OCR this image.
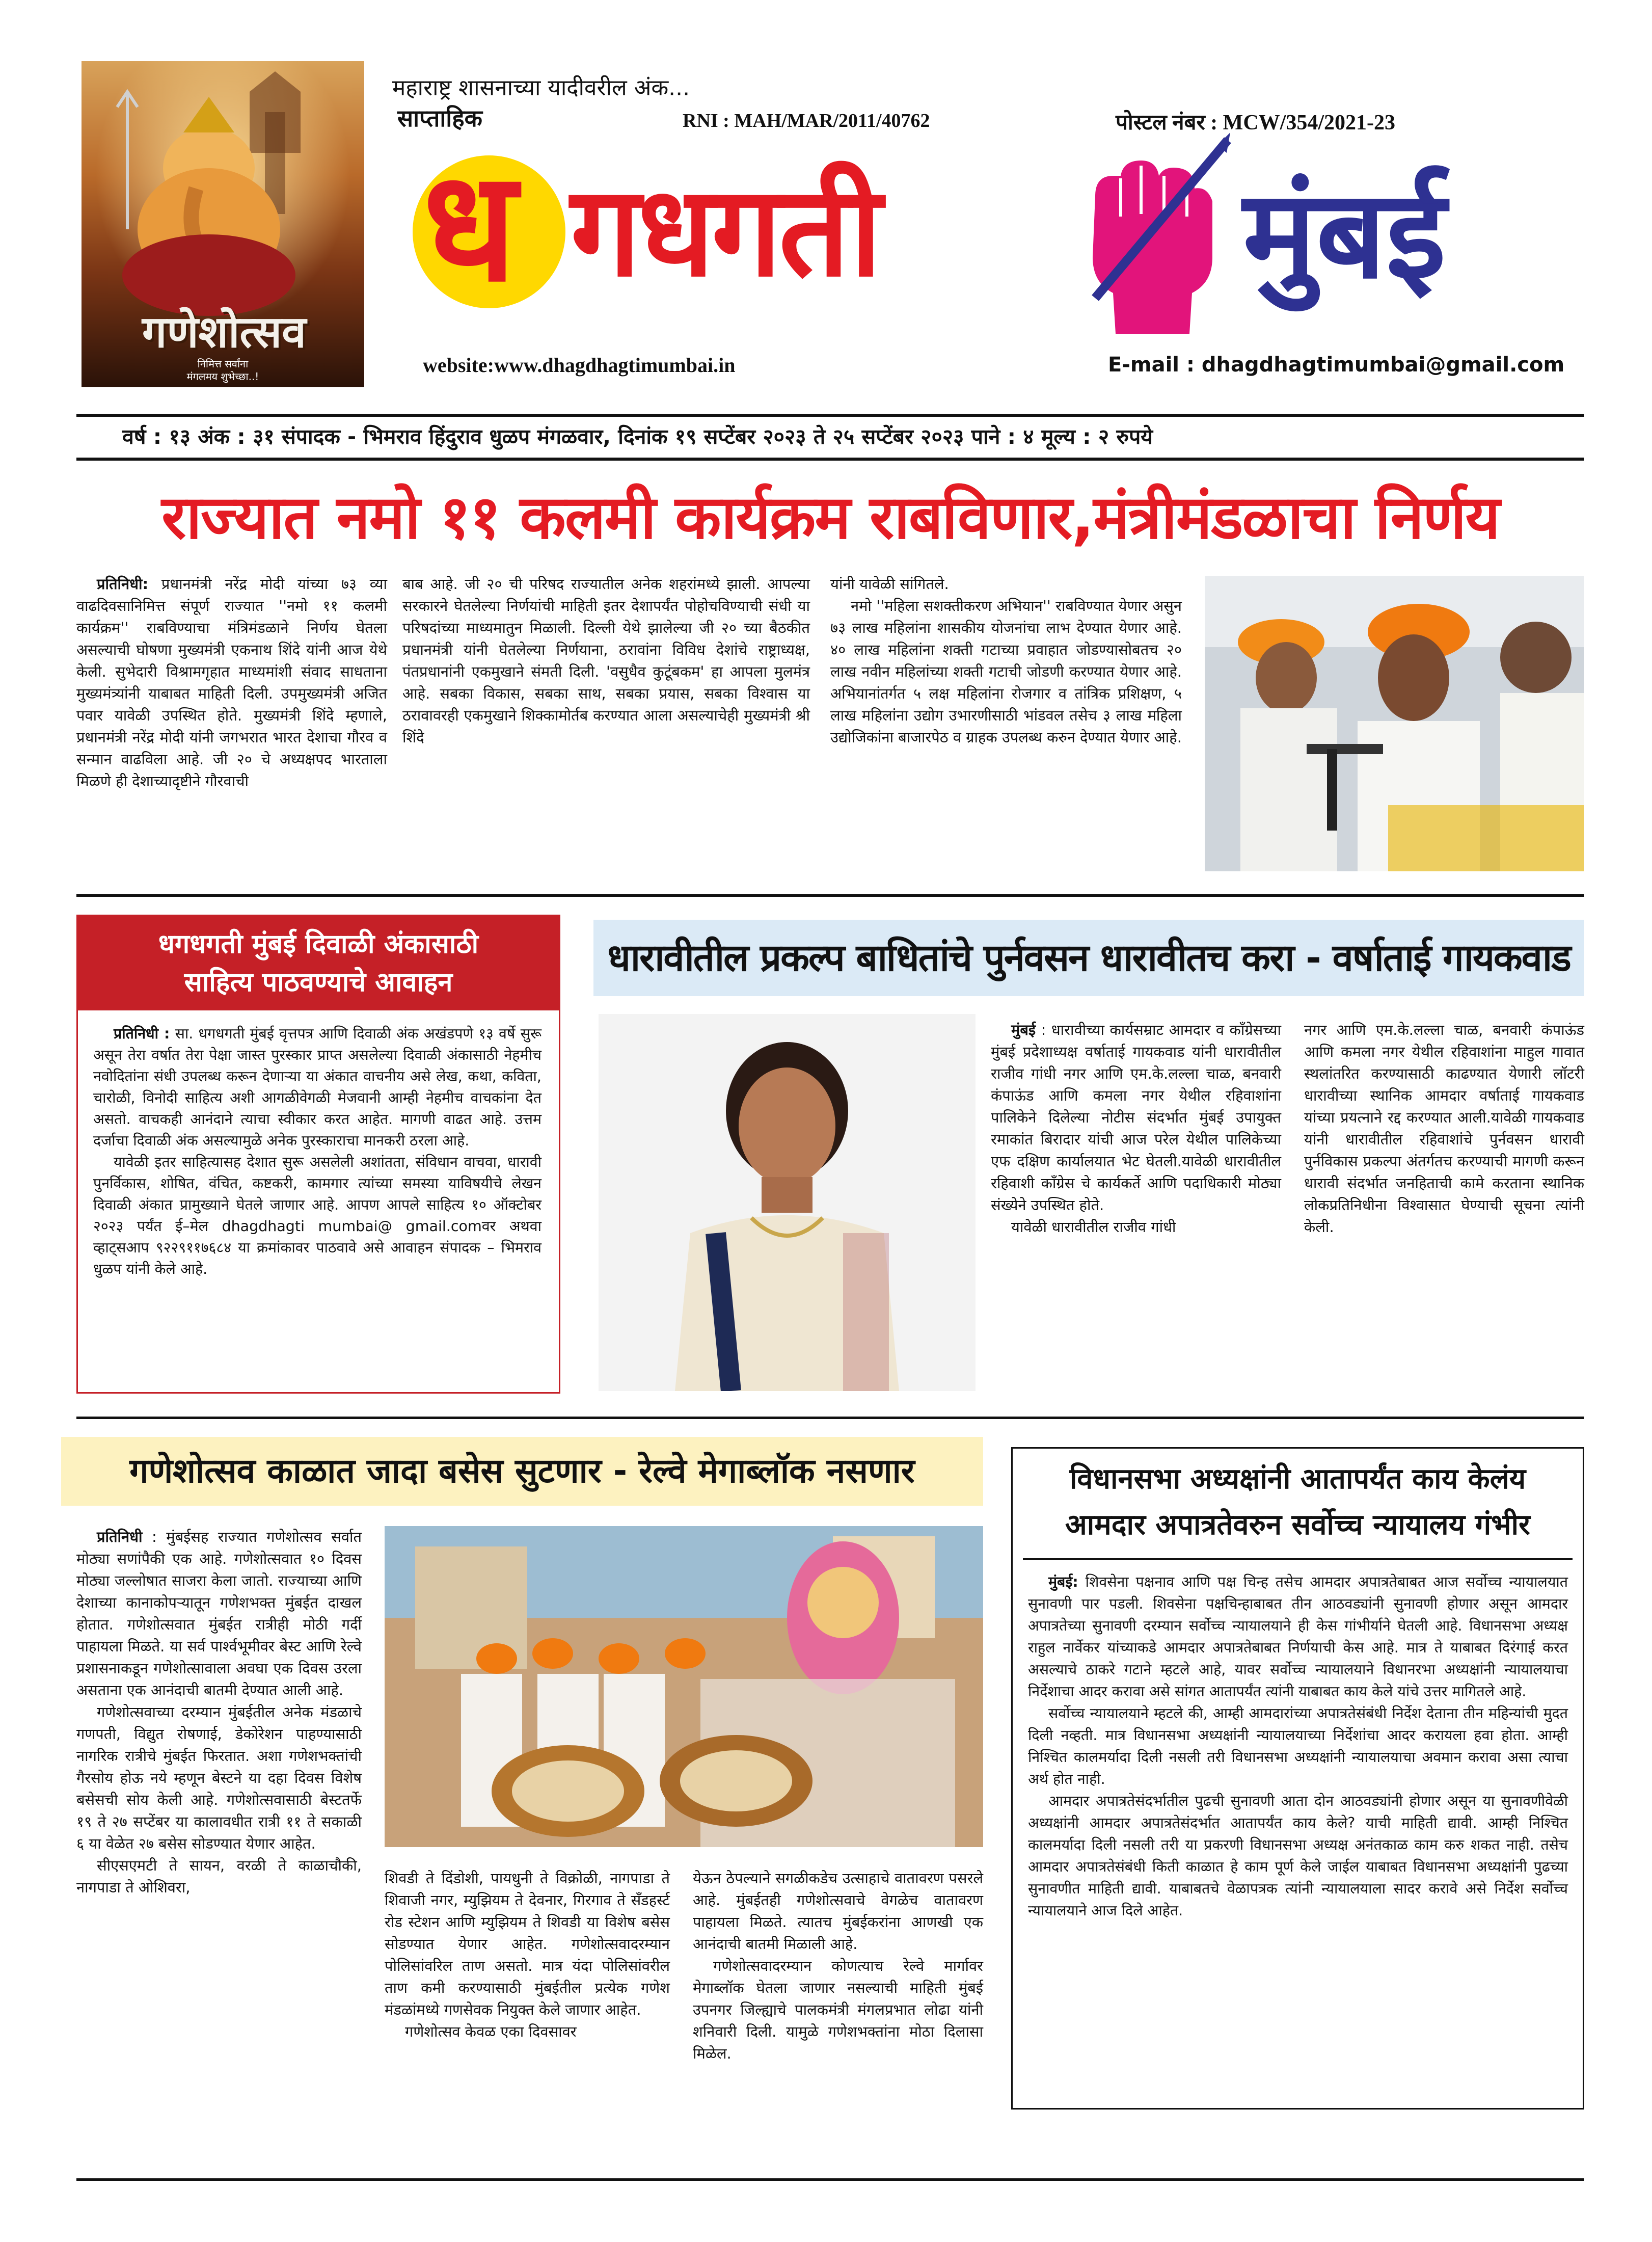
गणेशोत्सव
निमित्त सर्वांना
मंगलमय शुभेच्छा..!
महाराष्ट्र शासनाच्या यादीवरील अंक...
साप्ताहिक	RNI : MAH/MAR/2011/40762	पोस्टल नंबर : MCW/354/2021-23
ध गधगती	मुंबई
website:www.dhagdhagtimumbai.in	E-mail : dhagdhagtimumbai@gmail.com
वर्ष : १३ अंक : ३१ संपादक - भिमराव हिंदुराव धुळप मंगळवार, दिनांक १९ सप्टेंबर २०२३ ते २५ सप्टेंबर २०२३ पाने : ४ मूल्य : २ रुपये
राज्यात नमो ११ कलमी कार्यक्रम राबविणार,मंत्रीमंडळाचा निर्णय

प्रतिनिधी: प्रधानमंत्री नरेंद्र मोदी यांच्या ७३ व्या वाढदिवसानिमित्त संपूर्ण राज्यात ''नमो ११ कलमी कार्यक्रम'' राबविण्याचा मंत्रिमंडळाने निर्णय घेतला असल्याची घोषणा मुख्यमंत्री एकनाथ शिंदे यांनी आज येथे केली. सुभेदारी विश्रामगृहात माध्यमांशी संवाद साधताना मुख्यमंत्र्यांनी याबाबत माहिती दिली. उपमुख्यमंत्री अजित पवार यावेळी उपस्थित होते. मुख्यमंत्री शिंदे म्हणाले, प्रधानमंत्री नरेंद्र मोदी यांनी जगभरात भारत देशाचा गौरव व सन्मान वाढविला आहे. जी २० चे अध्यक्षपद भारताला मिळणे ही देशाच्यादृष्टीने गौरवाची

बाब आहे. जी २० ची परिषद राज्यातील अनेक शहरांमध्ये झाली. आपल्या सरकारने घेतलेल्या निर्णयांची माहिती इतर देशापर्यंत पोहोचविण्याची संधी या परिषदांच्या माध्यमातुन मिळाली. दिल्ली येथे झालेल्या जी २० च्या बैठकीत प्रधानमंत्री यांनी घेतलेल्या निर्णयाना, ठरावांना विविध देशांचे राष्ट्राध्यक्ष, पंतप्रधानांनी एकमुखाने संमती दिली. 'वसुधैव कुटूंबकम' हा आपला मुलमंत्र आहे. सबका विकास, सबका साथ, सबका प्रयास, सबका विश्वास या ठरावावरही एकमुखाने शिक्कामोर्तब करण्यात आला असल्याचेही मुख्यमंत्री श्री शिंदे

यांनी यावेळी सांगितले.

नमो ''महिला सशक्तीकरण अभियान'' राबविण्यात येणार असुन ७३ लाख महिलांना शासकीय योजनांचा लाभ देण्यात येणार आहे. ४० लाख महिलांना शक्ती गटाच्या प्रवाहात जोडण्यासोबतच २० लाख नवीन महिलांच्या शक्ती गटाची जोडणी करण्यात येणार आहे. अभियानांतर्गत ५ लक्ष महिलांना रोजगार व तांत्रिक प्रशिक्षण, ५ लाख महिलांना उद्योग उभारणीसाठी भांडवल तसेच ३ लाख महिला उद्योजिकांना बाजारपेठ व ग्राहक उपलब्ध करुन देण्यात येणार आहे.

धगधगती मुंबई दिवाळी अंकासाठी
साहित्य पाठवण्याचे आवाहन

प्रतिनिधी : सा. धगधगती मुंबई वृत्तपत्र आणि दिवाळी अंक अखंडपणे १३ वर्षे सुरू असून तेरा वर्षात तेरा पेक्षा जास्त पुरस्कार प्राप्त असलेल्या दिवाळी अंकासाठी नेहमीच नवोदितांना संधी उपलब्ध करून देणाऱ्या या अंकात वाचनीय असे लेख, कथा, कविता, चारोळी, विनोदी साहित्य अशी आगळीवेगळी मेजवानी आम्ही नेहमीच वाचकांना देत असतो. वाचकही आनंदाने त्याचा स्वीकार करत आहेत. मागणी वाढत आहे. उत्तम दर्जाचा दिवाळी अंक असल्यामुळे अनेक पुरस्काराचा मानकरी ठरला आहे.

यावेळी इतर साहित्यासह देशात सुरू असलेली अशांतता, संविधान वाचवा, धारावी पुनर्विकास, शोषित, वंचित, कष्टकरी, कामगार त्यांच्या समस्या याविषयीचे लेखन दिवाळी अंकात प्रामुख्याने घेतले जाणार आहे. आपण आपले साहित्य १० ऑक्टोबर २०२३ पर्यंत ई–मेल dhagdhagti mumbai@ gmail.comवर अथवा व्हाट्सआप ९२२९११७६८४ या क्रमांकावर पाठवावे असे आवाहन संपादक – भिमराव धुळप यांनी केले आहे.

धारावीतील प्रकल्प बाधितांचे पुर्नवसन धारावीतच करा - वर्षाताई गायकवाड

मुंबई : धारावीच्या कार्यसम्राट आमदार व काँग्रेसच्या मुंबई प्रदेशाध्यक्ष वर्षाताई गायकवाड यांनी धारावीतील राजीव गांधी नगर आणि एम.के.लल्ला चाळ, बनवारी कंपाऊंड आणि कमला नगर येथील रहिवाशांना पालिकेने दिलेल्या नोटीस संदर्भात मुंबई उपायुक्त रमाकांत बिरादार यांची आज परेल येथील पालिकेच्या एफ दक्षिण कार्यालयात भेट घेतली.यावेळी धारावीतील रहिवाशी कॉंग्रेस चे कार्यकर्ते आणि पदाधिकारी मोठ्या संख्येने उपस्थित होते.

यावेळी धारावीतील राजीव गांधी

नगर आणि एम.के.लल्ला चाळ, बनवारी कंपाऊंड आणि कमला नगर येथील रहिवाशांना माहुल गावात स्थलांतरित करण्यासाठी काढण्यात येणारी लॉटरी धारावीच्या स्थानिक आमदार वर्षाताई गायकवाड यांच्या प्रयत्नाने रद्द करण्यात आली.यावेळी गायकवाड यांनी धारावीतील रहिवाशांचे पुर्नवसन धारावी पुर्नविकास प्रकल्पा अंतर्गतच करण्याची मागणी करून धारावी संदर्भात जनहिताची कामे करताना स्थानिक लोकप्रतिनिधीना विश्वासात घेण्याची सूचना त्यांनी केली.

गणेशोत्सव काळात जादा बसेस सुटणार - रेल्वे मेगाब्लॉक नसणार

प्रतिनिधी : मुंबईसह राज्यात गणेशोत्सव सर्वात मोठ्या सणांपैकी एक आहे. गणेशोत्सवात १० दिवस मोठ्या जल्लोषात साजरा केला जातो. राज्याच्या आणि देशाच्या कानाकोपऱ्यातून गणेशभक्त मुंबईत दाखल होतात. गणेशोत्सवात मुंबईत रात्रीही मोठी गर्दी पाहायला मिळते. या सर्व पार्श्वभूमीवर बेस्ट आणि रेल्वे प्रशासनाकडून गणेशोत्सावाला अवघा एक दिवस उरला असताना एक आनंदाची बातमी देण्यात आली आहे.

गणेशोत्सवाच्या दरम्यान मुंबईतील अनेक मंडळाचे गणपती, विद्युत रोषणाई, डेकोरेशन पाहण्यासाठी नागरिक रात्रीचे मुंबईत फिरतात. अशा गणेशभक्तांची गैरसोय होऊ नये म्हणून बेस्टने या दहा दिवस विशेष बसेसची सोय केली आहे. गणेशोत्सवासाठी बेस्टतर्फे १९ ते २७ सप्टेंबर या कालावधीत रात्री ११ ते सकाळी ६ या वेळेत २७ बसेस सोडण्यात येणार आहेत.

सीएसएमटी ते सायन, वरळी ते काळाचौकी, नागपाडा ते ओशिवरा,

शिवडी ते दिंडोशी, पायधुनी ते विक्रोळी, नागपाडा ते शिवाजी नगर, म्युझियम ते देवनार, गिरगाव ते सँडहर्स्ट रोड स्टेशन आणि म्युझियम ते शिवडी या विशेष बसेस सोडण्यात येणार आहेत. गणेशोत्सवादरम्यान पोलिसांवरिल ताण असतो. मात्र यंदा पोलिसांवरील ताण कमी करण्यासाठी मुंबईतील प्रत्येक गणेश मंडळांमध्ये गणसेवक नियुक्त केले जाणार आहेत.

गणेशोत्सव केवळ एका दिवसावर

येऊन ठेपल्याने सगळीकडेच उत्साहाचे वातावरण पसरले आहे. मुंबईतही गणेशोत्सवाचे वेगळेच वातावरण पाहायला मिळते. त्यातच मुंबईकरांना आणखी एक आनंदाची बातमी मिळाली आहे.

गणेशोत्सवादरम्यान कोणत्याच रेल्वे मार्गावर मेगाब्लॉक घेतला जाणार नसल्याची माहिती मुंबई उपनगर जिल्ह्याचे पालकमंत्री मंगलप्रभात लोढा यांनी शनिवारी दिली. यामुळे गणेशभक्तांना मोठा दिलासा मिळेल.

विधानसभा अध्यक्षांनी आतापर्यंत काय केलंय
आमदार अपात्रतेवरुन सर्वोच्च न्यायालय गंभीर

मुंबई: शिवसेना पक्षनाव आणि पक्ष चिन्ह तसेच आमदार अपात्रतेबाबत आज सर्वोच्च न्यायालयात सुनावणी पार पडली. शिवसेना पक्षचिन्हाबाबत तीन आठवड्यांनी सुनावणी होणार असून आमदार अपात्रतेच्या सुनावणी दरम्यान सर्वोच्च न्यायालयाने ही केस गांभीर्याने घेतली आहे. विधानसभा अध्यक्ष राहुल नार्वेकर यांच्याकडे आमदार अपात्रतेबाबत निर्णयाची केस आहे. मात्र ते याबाबत दिरंगाई करत असल्याचे ठाकरे गटाने म्हटले आहे, यावर सर्वोच्च न्यायालयाने विधानरभा अध्यक्षांनी न्यायालयाचा निर्देशाचा आदर करावा असे सांगत आतापर्यंत त्यांनी याबाबत काय केले यांचे उत्तर मागितले आहे.

सर्वोच्च न्यायालयाने म्हटले की, आम्ही आमदारांच्या अपात्रतेसंबंधी निर्देश देताना तीन महिन्यांची मुदत दिली नव्हती. मात्र विधानसभा अध्यक्षांनी न्यायालयाच्या निर्देशांचा आदर करायला हवा होता. आम्ही निश्चित कालमर्यादा दिली नसली तरी विधानसभा अध्यक्षांनी न्यायालयाचा अवमान करावा असा त्याचा अर्थ होत नाही.

आमदार अपात्रतेसंदर्भातील पुढची सुनावणी आता दोन आठवड्यांनी होणार असून या सुनावणीवेळी अध्यक्षांनी आमदार अपात्रतेसंदर्भात आतापर्यंत काय केले? याची माहिती द्यावी. आम्ही निश्चित कालमर्यादा दिली नसली तरी या प्रकरणी विधानसभा अध्यक्ष अनंतकाळ काम करु शकत नाही. तसेच आमदार अपात्रतेसंबंधी किती काळात हे काम पूर्ण केले जाईल याबाबत विधानसभा अध्यक्षांनी पुढच्या सुनावणीत माहिती द्यावी. याबाबतचे वेळापत्रक त्यांनी न्यायालयाला सादर करावे असे निर्देश सर्वोच्च न्यायालयाने आज दिले आहेत.
